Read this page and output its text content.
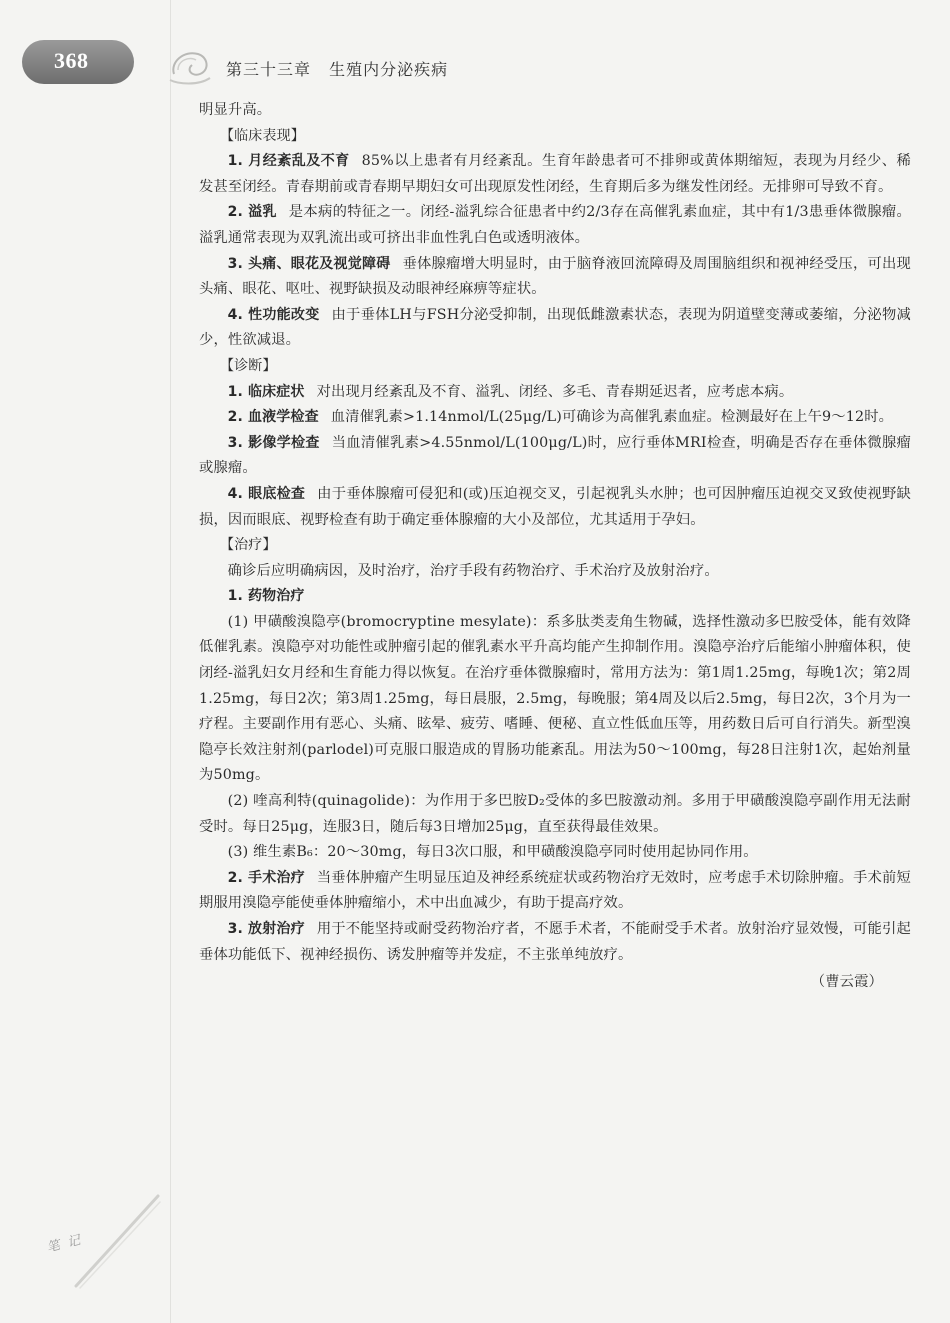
368	第三十三章 生殖内分泌疾病

明显升高。

【临床表现】

1. 月经紊乱及不育 85%以上患者有月经紊乱。生育年龄患者可不排卵或黄体期缩短，表现为月经少、稀发甚至闭经。青春期前或青春期早期妇女可出现原发性闭经，生育期后多为继发性闭经。无排卵可导致不育。

2. 溢乳 是本病的特征之一。闭经-溢乳综合征患者中约2/3存在高催乳素血症，其中有1/3患垂体微腺瘤。溢乳通常表现为双乳流出或可挤出非血性乳白色或透明液体。

3. 头痛、眼花及视觉障碍 垂体腺瘤增大明显时，由于脑脊液回流障碍及周围脑组织和视神经受压，可出现头痛、眼花、呕吐、视野缺损及动眼神经麻痹等症状。

4. 性功能改变 由于垂体LH与FSH分泌受抑制，出现低雌激素状态，表现为阴道壁变薄或萎缩，分泌物减少，性欲减退。

【诊断】

1. 临床症状 对出现月经紊乱及不育、溢乳、闭经、多毛、青春期延迟者，应考虑本病。

2. 血液学检查 血清催乳素>1.14nmol/L(25μg/L)可确诊为高催乳素血症。检测最好在上午9～12时。

3. 影像学检查 当血清催乳素>4.55nmol/L(100μg/L)时，应行垂体MRI检查，明确是否存在垂体微腺瘤或腺瘤。

4. 眼底检查 由于垂体腺瘤可侵犯和(或)压迫视交叉，引起视乳头水肿；也可因肿瘤压迫视交叉致使视野缺损，因而眼底、视野检查有助于确定垂体腺瘤的大小及部位，尤其适用于孕妇。

【治疗】

确诊后应明确病因，及时治疗，治疗手段有药物治疗、手术治疗及放射治疗。

1. 药物治疗

(1) 甲磺酸溴隐亭(bromocryptine mesylate)：系多肽类麦角生物碱，选择性激动多巴胺受体，能有效降低催乳素。溴隐亭对功能性或肿瘤引起的催乳素水平升高均能产生抑制作用。溴隐亭治疗后能缩小肿瘤体积，使闭经-溢乳妇女月经和生育能力得以恢复。在治疗垂体微腺瘤时，常用方法为：第1周1.25mg，每晚1次；第2周1.25mg，每日2次；第3周1.25mg，每日晨服，2.5mg，每晚服；第4周及以后2.5mg，每日2次，3个月为一疗程。主要副作用有恶心、头痛、眩晕、疲劳、嗜睡、便秘、直立性低血压等，用药数日后可自行消失。新型溴隐亭长效注射剂(parlodel)可克服口服造成的胃肠功能紊乱。用法为50～100mg，每28日注射1次，起始剂量为50mg。

(2) 喹高利特(quinagolide)：为作用于多巴胺D₂受体的多巴胺激动剂。多用于甲磺酸溴隐亭副作用无法耐受时。每日25μg，连服3日，随后每3日增加25μg，直至获得最佳效果。

(3) 维生素B₆：20～30mg，每日3次口服，和甲磺酸溴隐亭同时使用起协同作用。

2. 手术治疗 当垂体肿瘤产生明显压迫及神经系统症状或药物治疗无效时，应考虑手术切除肿瘤。手术前短期服用溴隐亭能使垂体肿瘤缩小，术中出血减少，有助于提高疗效。

3. 放射治疗 用于不能坚持或耐受药物治疗者，不愿手术者，不能耐受手术者。放射治疗显效慢，可能引起垂体功能低下、视神经损伤、诱发肿瘤等并发症，不主张单纯放疗。

（曹云霞）

笔记
